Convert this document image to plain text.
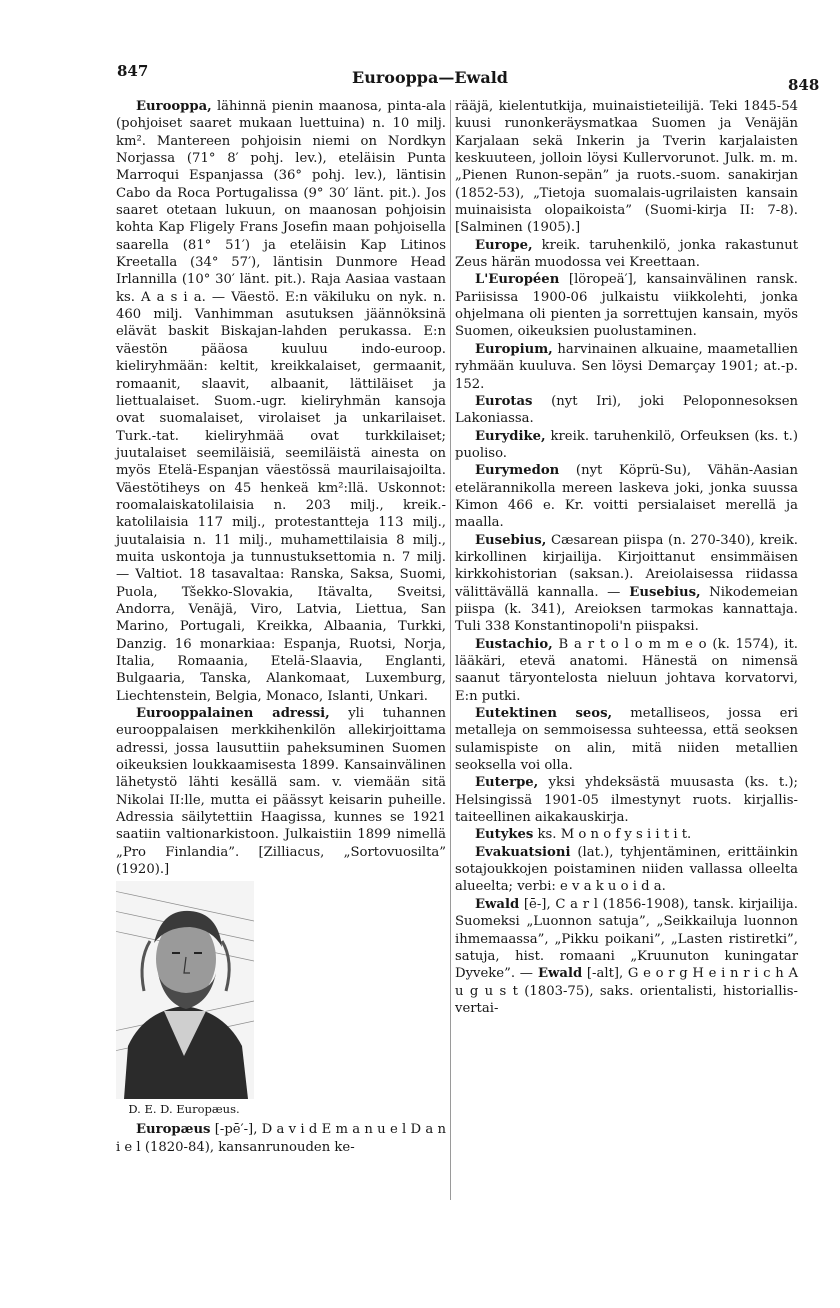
847	Eurooppa—Ewald	848

Eurooppa, lähinnä pienin maanosa, pinta-ala (pohjoiset saaret mukaan luettuina) n. 10 milj. km². Mantereen pohjoisin niemi on Nordkyn Norjassa (71° 8′ pohj. lev.), eteläisin Punta Marroqui Espanjassa (36° pohj. lev.), läntisin Cabo da Roca Portugalissa (9° 30′ länt. pit.). Jos saaret otetaan lukuun, on maanosan pohjoisin kohta Kap Fligely Frans Josefin maan pohjoisella saarella (81° 51′) ja eteläisin Kap Litinos Kreetalla (34° 57′), läntisin Dunmore Head Irlannilla (10° 30′ länt. pit.). Raja Aasiaa vastaan ks. A a s i a. — Väestö. E:n väkiluku on nyk. n. 460 milj. Vanhimman asutuksen jäännöksinä elävät baskit Biskajan-lahden perukassa. E:n väestön pääosa kuuluu indo-euroop. kieliryhmään: keltit, kreikkalaiset, germaanit, romaanit, slaavit, albaanit, lättiläiset ja liettualaiset. Suom.-ugr. kieliryhmän kansoja ovat suomalaiset, virolaiset ja unkarilaiset. Turk.-tat. kieliryhmää ovat turkkilaiset; juutalaiset seemiläisiä, seemiläistä ainesta on myös Etelä-Espanjan väestössä maurilaisajoilta. Väestötiheys on 45 henkeä km²:llä. Uskonnot: roomalaiskatolilaisia n. 203 milj., kreik.-katolilaisia 117 milj., protestantteja 113 milj., juutalaisia n. 11 milj., muhamettilaisia 8 milj., muita uskontoja ja tunnustuksettomia n. 7 milj. — Valtiot. 18 tasavaltaa: Ranska, Saksa, Suomi, Puola, Tšekko-Slovakia, Itävalta, Sveitsi, Andorra, Venäjä, Viro, Latvia, Liettua, San Marino, Portugali, Kreikka, Albaania, Turkki, Danzig. 16 monarkiaa: Espanja, Ruotsi, Norja, Italia, Romaania, Etelä-Slaavia, Englanti, Bulgaaria, Tanska, Alankomaat, Luxemburg, Liechtenstein, Belgia, Monaco, Islanti, Unkari.

Eurooppalainen adressi, yli tuhannen eurooppalaisen merkkihenkilön allekirjoittama adressi, jossa lausuttiin paheksuminen Suomen oikeuksien loukkaamisesta 1899. Kansainvälinen lähetystö lähti kesällä sam. v. viemään sitä Nikolai II:lle, mutta ei päässyt keisarin puheille. Adressia säilytettiin Haagissa, kunnes se 1921 saatiin valtionarkistoon. Julkaistiin 1899 nimellä „Pro Finlandia”. [Zilliacus, „Sortovuosilta” (1920).]

D. E. D. Europæus.

Europæus [-pē′-], D a v i d E m a n u e l D a n i e l (1820-84), kansanrunouden ke-

rääjä, kielentutkija, muinaistieteilijä. Teki 1845-54 kuusi runonkeräysmatkaa Suomen ja Venäjän Karjalaan sekä Inkerin ja Tverin karjalaisten keskuuteen, jolloin löysi Kullervorunot. Julk. m. m. „Pienen Runon-sepän” ja ruots.-suom. sanakirjan (1852-53), „Tietoja suomalais-ugrilaisten kansain muinaisista olopaikoista” (Suomi-kirja II: 7-8). [Salminen (1905).]

Europe, kreik. taruhenkilö, jonka rakastunut Zeus härän muodossa vei Kreettaan.

L'Européen [löropeä′], kansainvälinen ransk. Pariisissa 1900-06 julkaistu viikkolehti, jonka ohjelmana oli pienten ja sorrettujen kansain, myös Suomen, oikeuksien puolustaminen.

Europium, harvinainen alkuaine, maametallien ryhmään kuuluva. Sen löysi Demarçay 1901; at.-p. 152.

Eurotas (nyt Iri), joki Peloponnesoksen Lakoniassa.

Eurydike, kreik. taruhenkilö, Orfeuksen (ks. t.) puoliso.

Eurymedon (nyt Köprü-Su), Vähän-Aasian etelärannikolla mereen laskeva joki, jonka suussa Kimon 466 e. Kr. voitti persialaiset merellä ja maalla.

Eusebius, Cæsarean piispa (n. 270-340), kreik. kirkollinen kirjailija. Kirjoittanut ensimmäisen kirkkohistorian (saksan.). Areiolaisessa riidassa välittävällä kannalla. — Eusebius, Nikodemeian piispa (k. 341), Areioksen tarmokas kannattaja. Tuli 338 Konstantinopoli'n piispaksi.

Eustachio, B a r t o l o m m e o (k. 1574), it. lääkäri, etevä anatomi. Hänestä on nimensä saanut täryontelosta nieluun johtava korvatorvi, E:n putki.

Eutektinen seos, metalliseos, jossa eri metalleja on semmoisessa suhteessa, että seoksen sulamispiste on alin, mitä niiden metallien seoksella voi olla.

Euterpe, yksi yhdeksästä muusasta (ks. t.); Helsingissä 1901-05 ilmestynyt ruots. kirjallis-taiteellinen aikakauskirja.

Eutykes ks. M o n o f y s i i t i t.

Evakuatsioni (lat.), tyhjentäminen, erittäinkin sotajoukkojen poistaminen niiden vallassa olleelta alueelta; verbi: e v a k u o i d a.

Ewald [ē-], C a r l (1856-1908), tansk. kirjailija. Suomeksi „Luonnon satuja”, „Seikkailuja luonnon ihmemaassa”, „Pikku poikani”, „Lasten ristiretki”, satuja, hist. romaani „Kruunuton kuningatar Dyveke”. — Ewald [-alt], G e o r g H e i n r i c h A u g u s t (1803-75), saks. orientalisti, historiallis-vertai-
